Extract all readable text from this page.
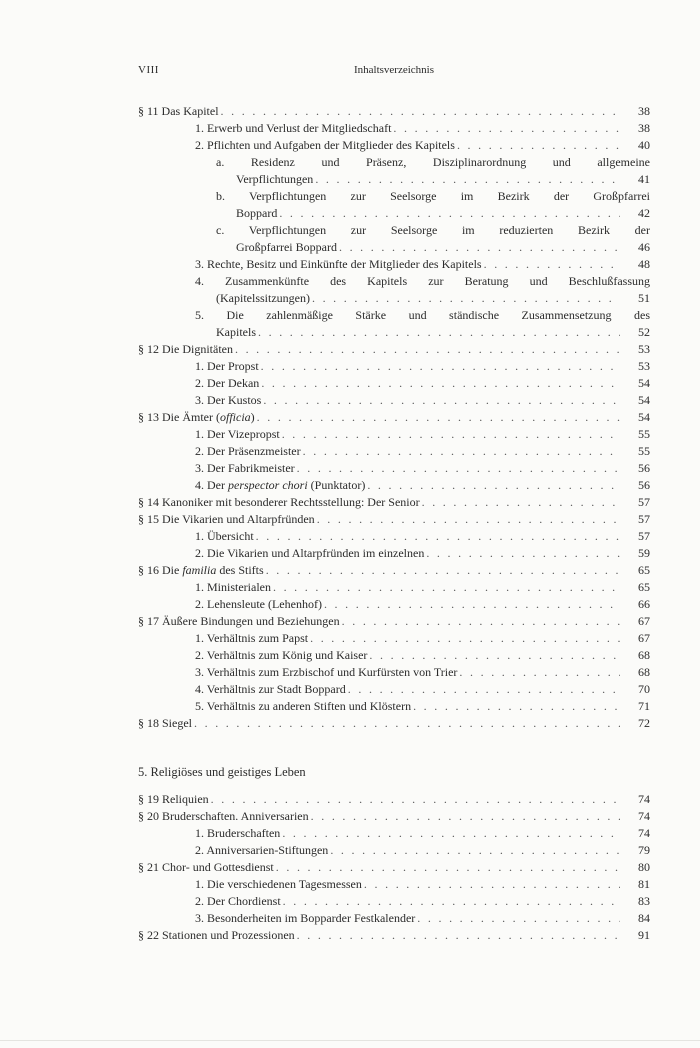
VIII	Inhaltsverzeichnis
§ 11 Das Kapitel . . .	38
1. Erwerb und Verlust der Mitgliedschaft . . .	38
2. Pflichten und Aufgaben der Mitglieder des Kapitels . . .	40
a. Residenz und Präsenz, Disziplinarordnung und allgemeine
Verpflichtungen . . .	41
b. Verpflichtungen zur Seelsorge im Bezirk der Großpfarrei
Boppard . . .	42
c. Verpflichtungen zur Seelsorge im reduzierten Bezirk der
Großpfarrei Boppard . . .	46
3. Rechte, Besitz und Einkünfte der Mitglieder des Kapitels . . .	48
4. Zusammenkünfte des Kapitels zur Beratung und Beschlußfassung
(Kapitelssitzungen) . . .	51
5. Die zahlenmäßige Stärke und ständische Zusammensetzung des
Kapitels . . .	52
§ 12 Die Dignitäten . . .	53
1. Der Propst . . .	53
2. Der Dekan . . .	54
3. Der Kustos . . .	54
§ 13 Die Ämter (officia) . . .	54
1. Der Vizepropst . . .	55
2. Der Präsenzmeister . . .	55
3. Der Fabrikmeister . . .	56
4. Der perspector chori (Punktator) . . .	56
§ 14 Kanoniker mit besonderer Rechtsstellung: Der Senior . . .	57
§ 15 Die Vikarien und Altarpfründen . . .	57
1. Übersicht . . .	57
2. Die Vikarien und Altarpfründen im einzelnen . . .	59
§ 16 Die familia des Stifts . . .	65
1. Ministerialen . . .	65
2. Lehensleute (Lehenhof) . . .	66
§ 17 Äußere Bindungen und Beziehungen . . .	67
1. Verhältnis zum Papst . . .	67
2. Verhältnis zum König und Kaiser . . .	68
3. Verhältnis zum Erzbischof und Kurfürsten von Trier . . .	68
4. Verhältnis zur Stadt Boppard . . .	70
5. Verhältnis zu anderen Stiften und Klöstern . . .	71
§ 18 Siegel . . .	72
5. Religiöses und geistiges Leben
§ 19 Reliquien . . .	74
§ 20 Bruderschaften. Anniversarien . . .	74
1. Bruderschaften . . .	74
2. Anniversarien-Stiftungen . . .	79
§ 21 Chor- und Gottesdienst . . .	80
1. Die verschiedenen Tagesmessen . . .	81
2. Der Chordienst . . .	83
3. Besonderheiten im Bopparder Festkalender . . .	84
§ 22 Stationen und Prozessionen . . .	91
